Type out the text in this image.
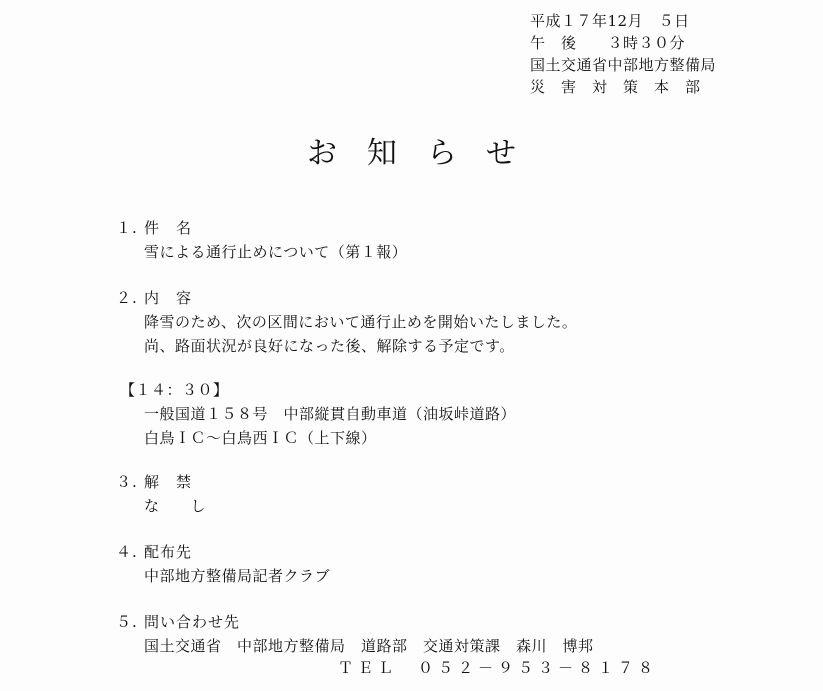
平成１７年12月　５日
午　後　　３時３０分
国土交通省中部地方整備局
災　害　対　策　本　部
お知らせ
１. 件　名
雪による通行止めについて（第１報）
２. 内　容
降雪のため、次の区間において通行止めを開始いたしました。
尚、路面状況が良好になった後、解除する予定です。
【１４：３０】
一般国道１５８号　中部縦貫自動車道（油坂峠道路）
白鳥ＩＣ～白鳥西ＩＣ（上下線）
３. 解　禁
な　　し
４. 配布先
中部地方整備局記者クラブ
５. 問い合わせ先
国土交通省　中部地方整備局　道路部　交通対策課　森川　博邦
ＴＥＬ　０５２－９５３－８１７８
